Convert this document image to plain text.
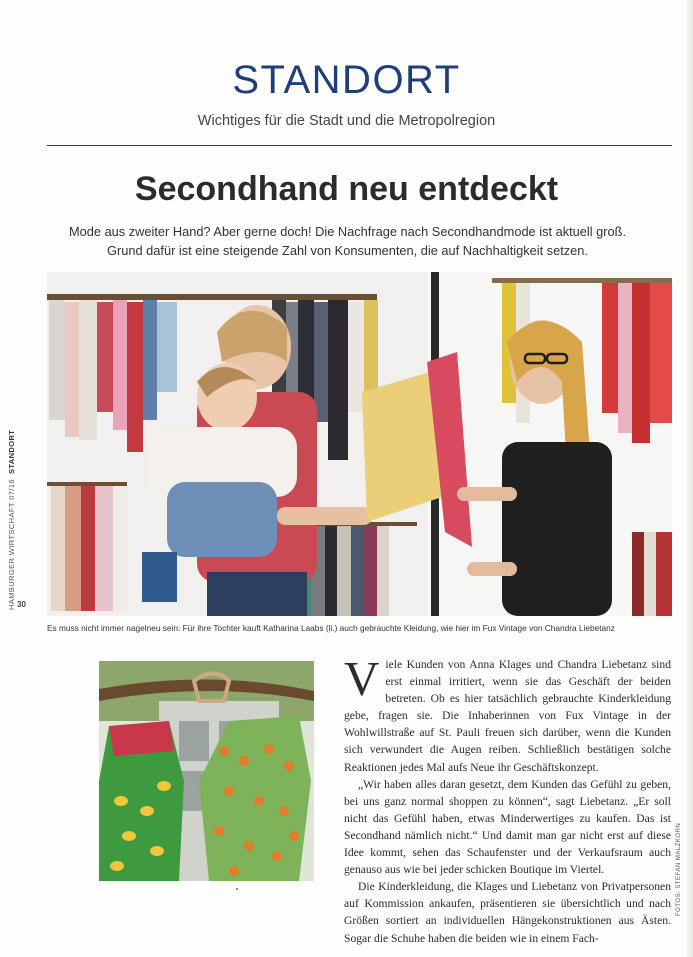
STANDORT
Wichtiges für die Stadt und die Metropolregion
Secondhand neu entdeckt
Mode aus zweiter Hand? Aber gerne doch! Die Nachfrage nach Secondhandmode ist aktuell groß. Grund dafür ist eine steigende Zahl von Konsumenten, die auf Nachhaltigkeit setzen.
HAMBURGER WIRTSCHAFT 07/16  STANDORT
30
Es muss nicht immer nagelneu sein: Für ihre Tochter kauft Katharina Laabs (li.) auch gebrauchte Kleidung, wie hier im Fux Vintage von Chandra Liebetanz

Viele Kunden von Anna Klages und Chandra Liebetanz sind erst einmal irritiert, wenn sie das Geschäft der beiden betreten. Ob es hier tatsächlich gebrauchte Kinderkleidung gebe, fragen sie. Die Inhaberinnen von Fux Vintage in der Wohlwillstraße auf St. Pauli freuen sich darüber, wenn die Kunden sich verwundert die Augen reiben. Schließlich bestätigen solche Reaktionen jedes Mal aufs Neue ihr Geschäftskonzept.

„Wir haben alles daran gesetzt, dem Kunden das Gefühl zu geben, bei uns ganz normal shoppen zu können“, sagt Liebetanz. „Er soll nicht das Gefühl haben, etwas Minderwertiges zu kaufen. Das ist Secondhand nämlich nicht.“ Und damit man gar nicht erst auf diese Idee kommt, sehen das Schaufenster und der Verkaufsraum auch genauso aus wie bei jeder schicken Boutique im Viertel.

Die Kinderkleidung, die Klages und Liebetanz von Privatpersonen auf Kommission ankaufen, präsentieren sie übersichtlich und nach Größen sortiert an individuellen Hängekonstruktionen aus Ästen. Sogar die Schuhe haben die beiden wie in einem Fach-

FOTOS: STEFAN MALZKORN
